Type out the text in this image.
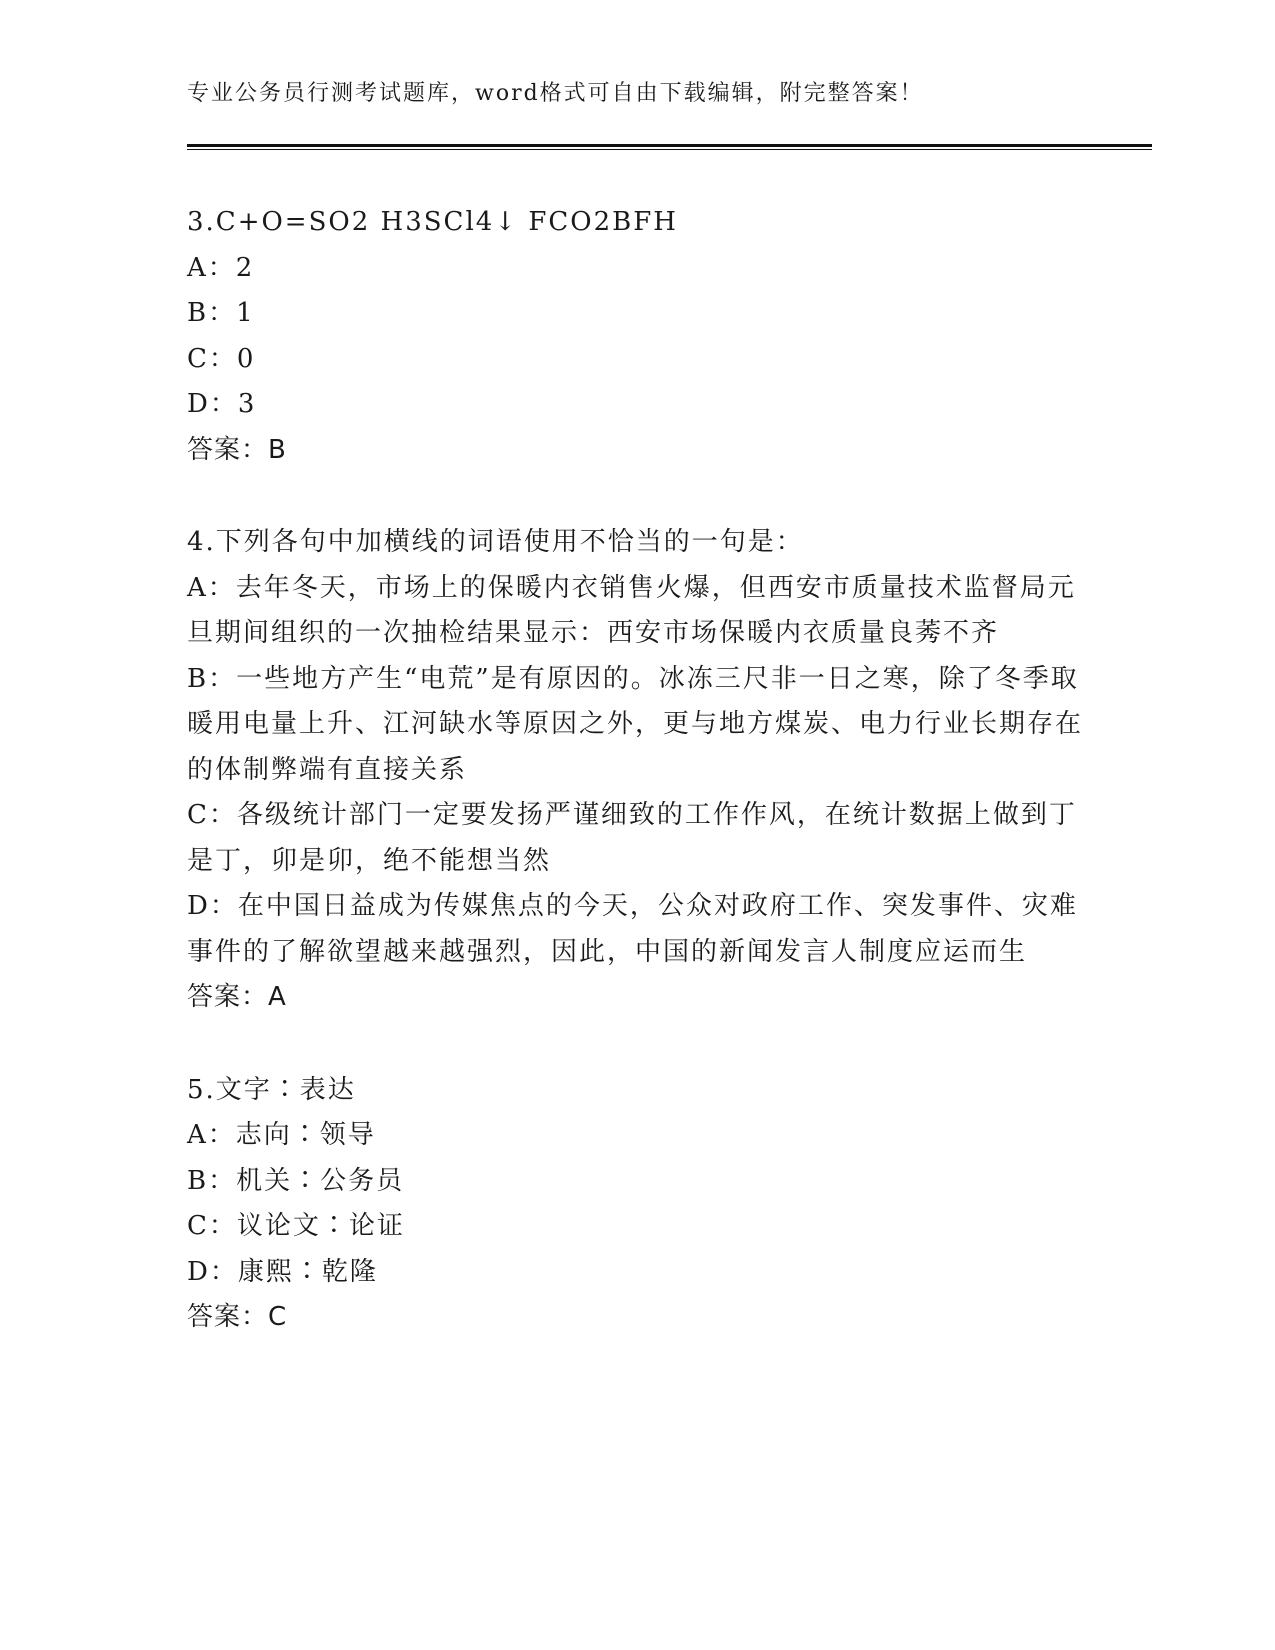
专业公务员行测考试题库，word格式可自由下载编辑，附完整答案！
3.C+O=SO2 H3SCl4↓ FCO2BFH
A：2
B：1
C：0
D：3
答案：B
4.下列各句中加横线的词语使用不恰当的一句是：
A：去年冬天，市场上的保暖内衣销售火爆，但西安市质量技术监督局元旦期间组织的一次抽检结果显示：西安市场保暖内衣质量良莠不齐
B：一些地方产生“电荒”是有原因的。冰冻三尺非一日之寒，除了冬季取暖用电量上升、江河缺水等原因之外，更与地方煤炭、电力行业长期存在的体制弊端有直接关系
C：各级统计部门一定要发扬严谨细致的工作作风，在统计数据上做到丁是丁，卯是卯，绝不能想当然
D：在中国日益成为传媒焦点的今天，公众对政府工作、突发事件、灾难事件的了解欲望越来越强烈，因此，中国的新闻发言人制度应运而生
答案：A
5.文字∶表达
A：志向∶领导
B：机关∶公务员
C：议论文∶论证
D：康熙∶乾隆
答案：C
